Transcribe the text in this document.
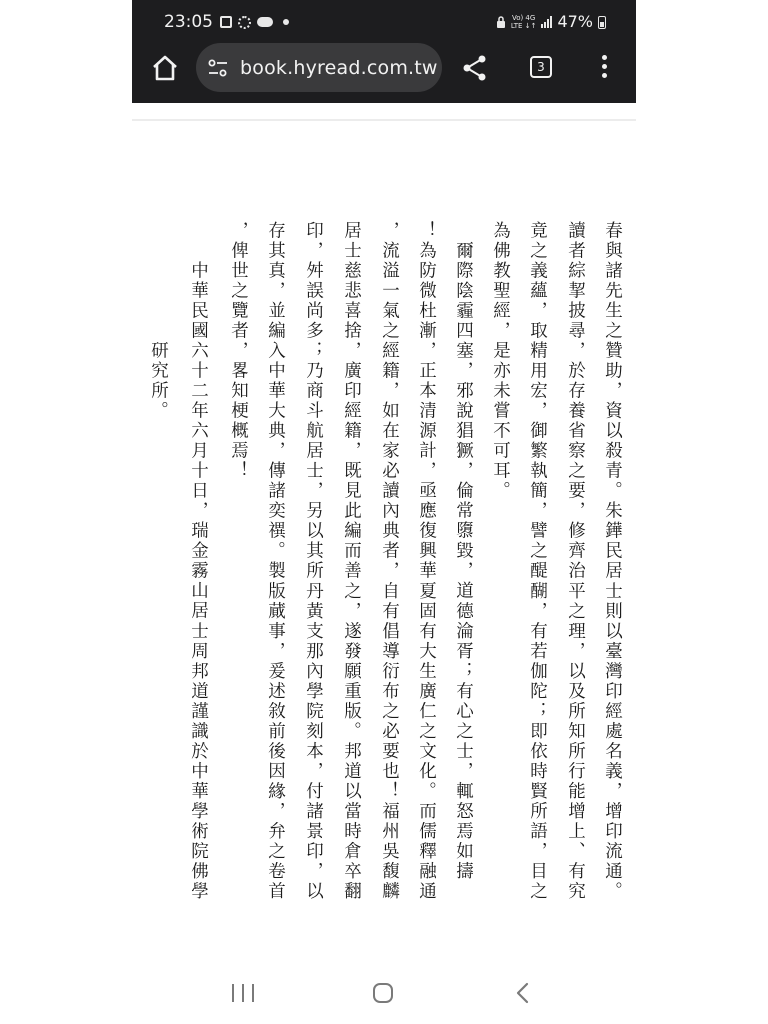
23:05	Vo) 4G
LTE ↓↑ 47%
book.hyread.com.tw	3
春與諸先生之贊助，資以殺青。朱鏵民居士則以臺灣印經處名義，增印流通。
讀者綜挈披尋，於存養省察之要，修齊治平之理，以及所知所行能增上、有究
竟之義蘊，取精用宏，御繁執簡，譬之醍醐，有若伽陀；即依時賢所語，目之
為佛教聖經，是亦未嘗不可耳。
爾際陰霾四塞，邪說猖獗，倫常隳毀，道德淪胥；有心之士，輒怒焉如擣
！為防微杜漸，正本清源計，亟應復興華夏固有大生廣仁之文化。而儒釋融通
，流溢一氣之經籍，如在家必讀內典者，自有倡導衍布之必要也！福州吳馥麟
居士慈悲喜捨，廣印經籍，既見此編而善之，遂發願重版。邦道以當時倉卒翻
印，舛誤尚多；乃商斗航居士，另以其所丹黃支那內學院刻本，付諸景印，以
存其真，並編入中華大典，傳諸奕禩。製版蕆事，爰述敘前後因緣，弁之卷首
，俾世之覽者，畧知梗概焉！
中華民國六十二年六月十日，瑞金霧山居士周邦道謹識於中華學術院佛學
研究所。
